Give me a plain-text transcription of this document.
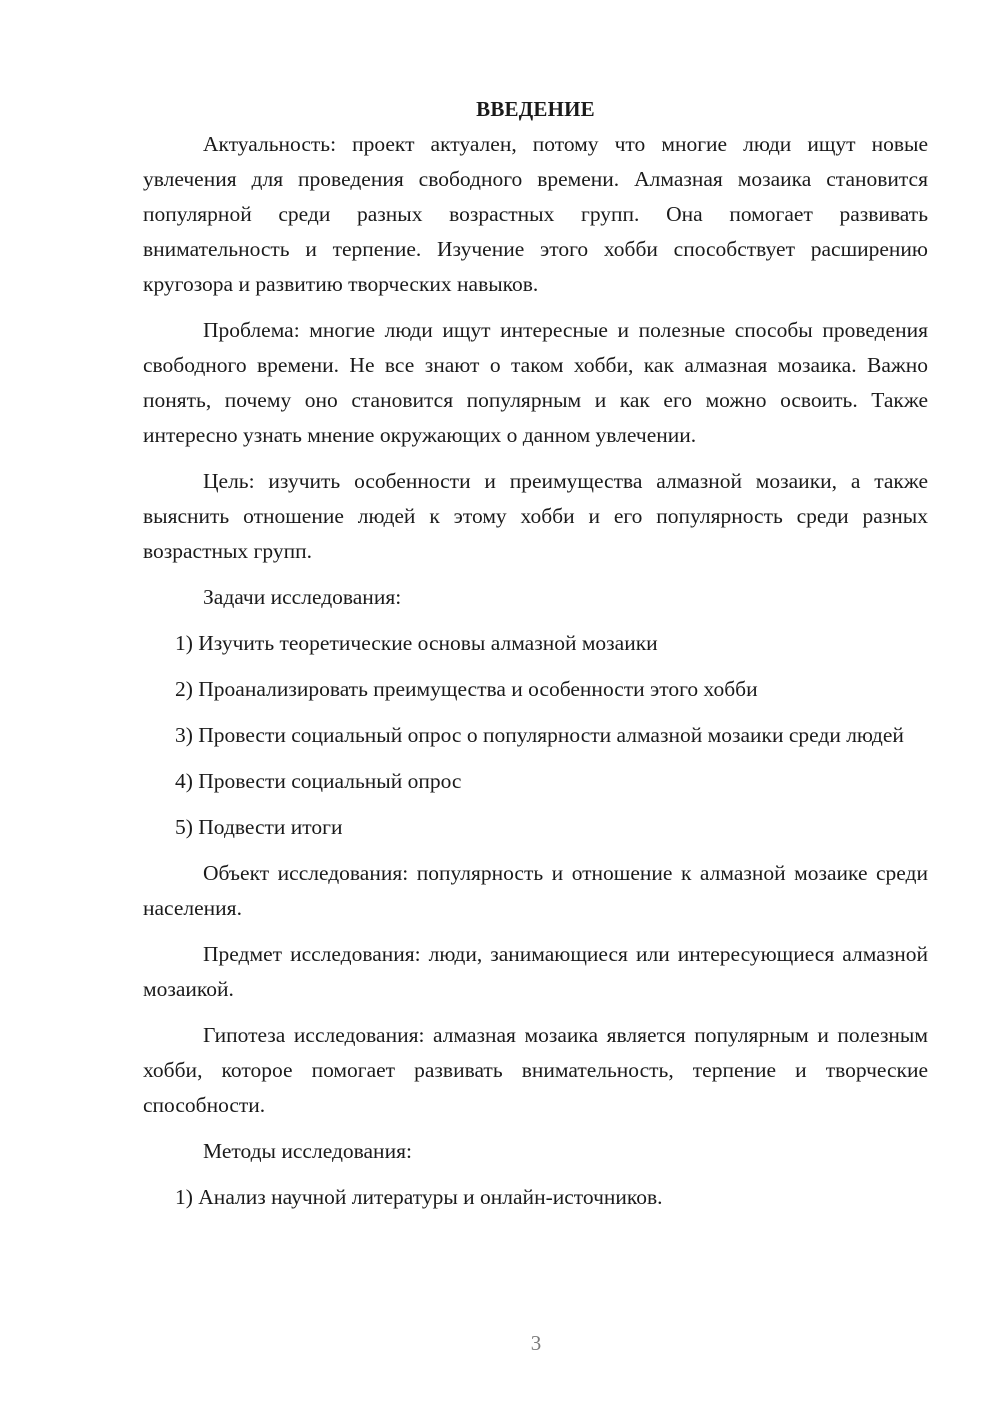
ВВЕДЕНИЕ

Актуальность: проект актуален, потому что многие люди ищут новые увлечения для проведения свободного времени. Алмазная мозаика становится популярной среди разных возрастных групп. Она помогает развивать внимательность и терпение. Изучение этого хобби способствует расширению кругозора и развитию творческих навыков.

Проблема: многие люди ищут интересные и полезные способы проведения свободного времени. Не все знают о таком хобби, как алмазная мозаика. Важно понять, почему оно становится популярным и как его можно освоить. Также интересно узнать мнение окружающих о данном увлечении.

Цель: изучить особенности и преимущества алмазной мозаики, а также выяснить отношение людей к этому хобби и его популярность среди разных возрастных групп.

Задачи исследования:

1) Изучить теоретические основы алмазной мозаики

2) Проанализировать преимущества и особенности этого хобби

3) Провести социальный опрос о популярности алмазной мозаики среди людей

4) Провести социальный опрос

5) Подвести итоги

Объект исследования: популярность и отношение к алмазной мозаике среди населения.

Предмет исследования: люди, занимающиеся или интересующиеся алмазной мозаикой.

Гипотеза исследования: алмазная мозаика является популярным и полезным хобби, которое помогает развивать внимательность, терпение и творческие способности.

Методы исследования:

1) Анализ научной литературы и онлайн-источников.

3
